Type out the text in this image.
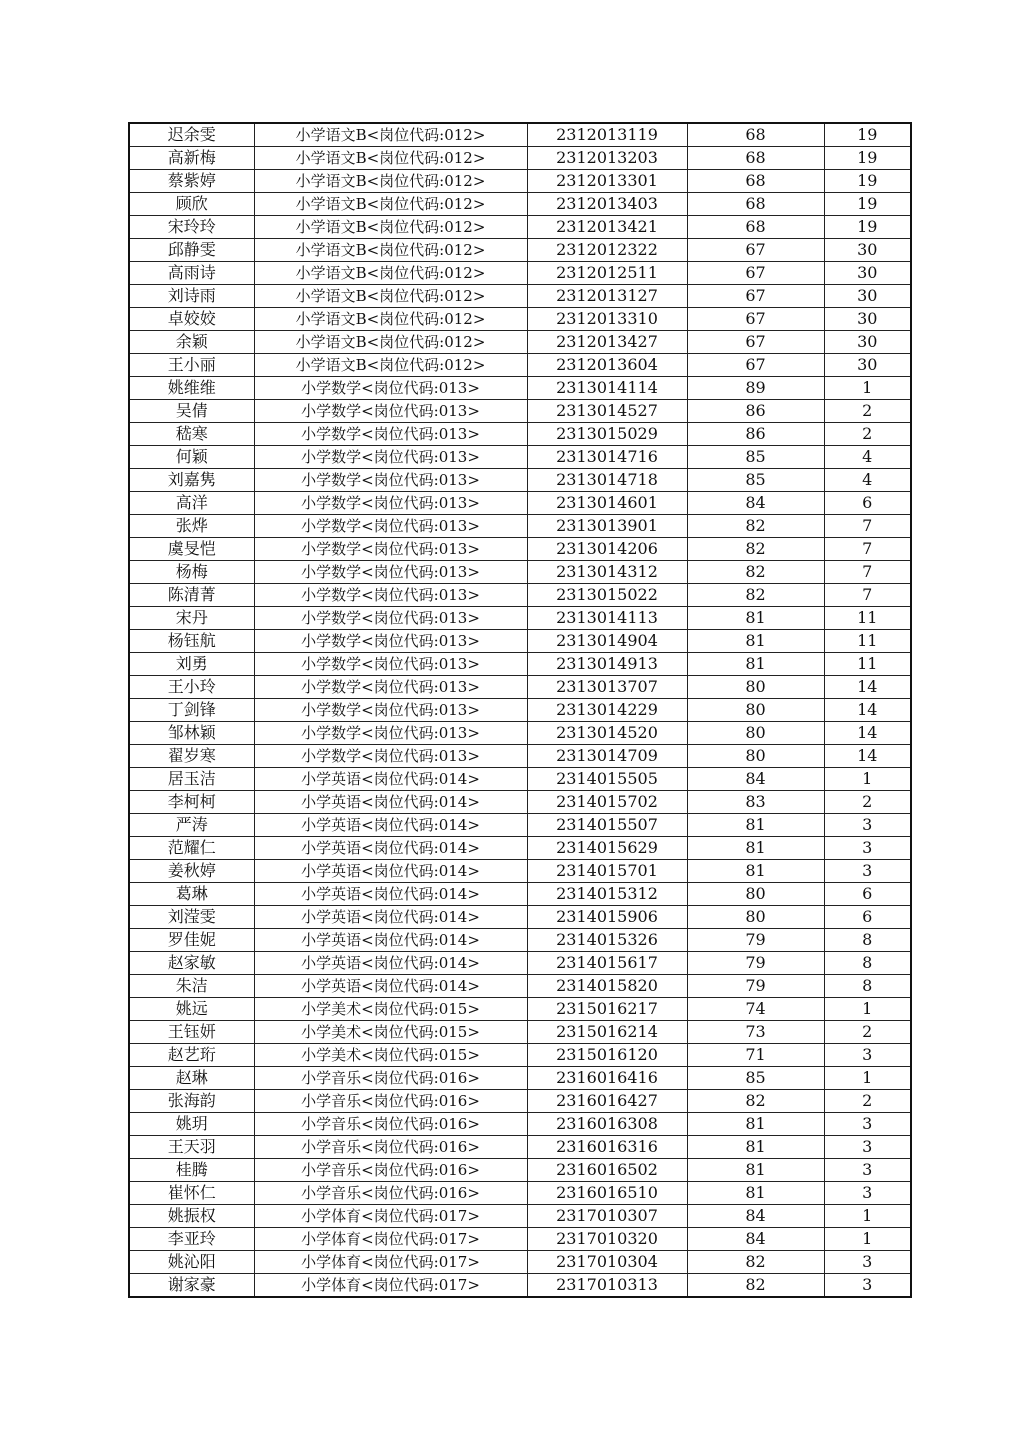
迟余雯	小学语文B<岗位代码:012>	2312013119	68	19
高新梅	小学语文B<岗位代码:012>	2312013203	68	19
蔡紫婷	小学语文B<岗位代码:012>	2312013301	68	19
顾欣	小学语文B<岗位代码:012>	2312013403	68	19
宋玲玲	小学语文B<岗位代码:012>	2312013421	68	19
邱静雯	小学语文B<岗位代码:012>	2312012322	67	30
高雨诗	小学语文B<岗位代码:012>	2312012511	67	30
刘诗雨	小学语文B<岗位代码:012>	2312013127	67	30
卓姣姣	小学语文B<岗位代码:012>	2312013310	67	30
余颖	小学语文B<岗位代码:012>	2312013427	67	30
王小丽	小学语文B<岗位代码:012>	2312013604	67	30
姚维维	小学数学<岗位代码:013>	2313014114	89	1
吴倩	小学数学<岗位代码:013>	2313014527	86	2
嵇寒	小学数学<岗位代码:013>	2313015029	86	2
何颖	小学数学<岗位代码:013>	2313014716	85	4
刘嘉隽	小学数学<岗位代码:013>	2313014718	85	4
高洋	小学数学<岗位代码:013>	2313014601	84	6
张烨	小学数学<岗位代码:013>	2313013901	82	7
虞旻恺	小学数学<岗位代码:013>	2313014206	82	7
杨梅	小学数学<岗位代码:013>	2313014312	82	7
陈清菁	小学数学<岗位代码:013>	2313015022	82	7
宋丹	小学数学<岗位代码:013>	2313014113	81	11
杨钰航	小学数学<岗位代码:013>	2313014904	81	11
刘勇	小学数学<岗位代码:013>	2313014913	81	11
王小玲	小学数学<岗位代码:013>	2313013707	80	14
丁剑锋	小学数学<岗位代码:013>	2313014229	80	14
邹林颖	小学数学<岗位代码:013>	2313014520	80	14
翟岁寒	小学数学<岗位代码:013>	2313014709	80	14
居玉洁	小学英语<岗位代码:014>	2314015505	84	1
李柯柯	小学英语<岗位代码:014>	2314015702	83	2
严涛	小学英语<岗位代码:014>	2314015507	81	3
范耀仁	小学英语<岗位代码:014>	2314015629	81	3
姜秋婷	小学英语<岗位代码:014>	2314015701	81	3
葛琳	小学英语<岗位代码:014>	2314015312	80	6
刘滢雯	小学英语<岗位代码:014>	2314015906	80	6
罗佳妮	小学英语<岗位代码:014>	2314015326	79	8
赵家敏	小学英语<岗位代码:014>	2314015617	79	8
朱洁	小学英语<岗位代码:014>	2314015820	79	8
姚远	小学美术<岗位代码:015>	2315016217	74	1
王钰妍	小学美术<岗位代码:015>	2315016214	73	2
赵艺珩	小学美术<岗位代码:015>	2315016120	71	3
赵琳	小学音乐<岗位代码:016>	2316016416	85	1
张海韵	小学音乐<岗位代码:016>	2316016427	82	2
姚玥	小学音乐<岗位代码:016>	2316016308	81	3
王天羽	小学音乐<岗位代码:016>	2316016316	81	3
桂腾	小学音乐<岗位代码:016>	2316016502	81	3
崔怀仁	小学音乐<岗位代码:016>	2316016510	81	3
姚振权	小学体育<岗位代码:017>	2317010307	84	1
李亚玲	小学体育<岗位代码:017>	2317010320	84	1
姚沁阳	小学体育<岗位代码:017>	2317010304	82	3
谢家豪	小学体育<岗位代码:017>	2317010313	82	3
